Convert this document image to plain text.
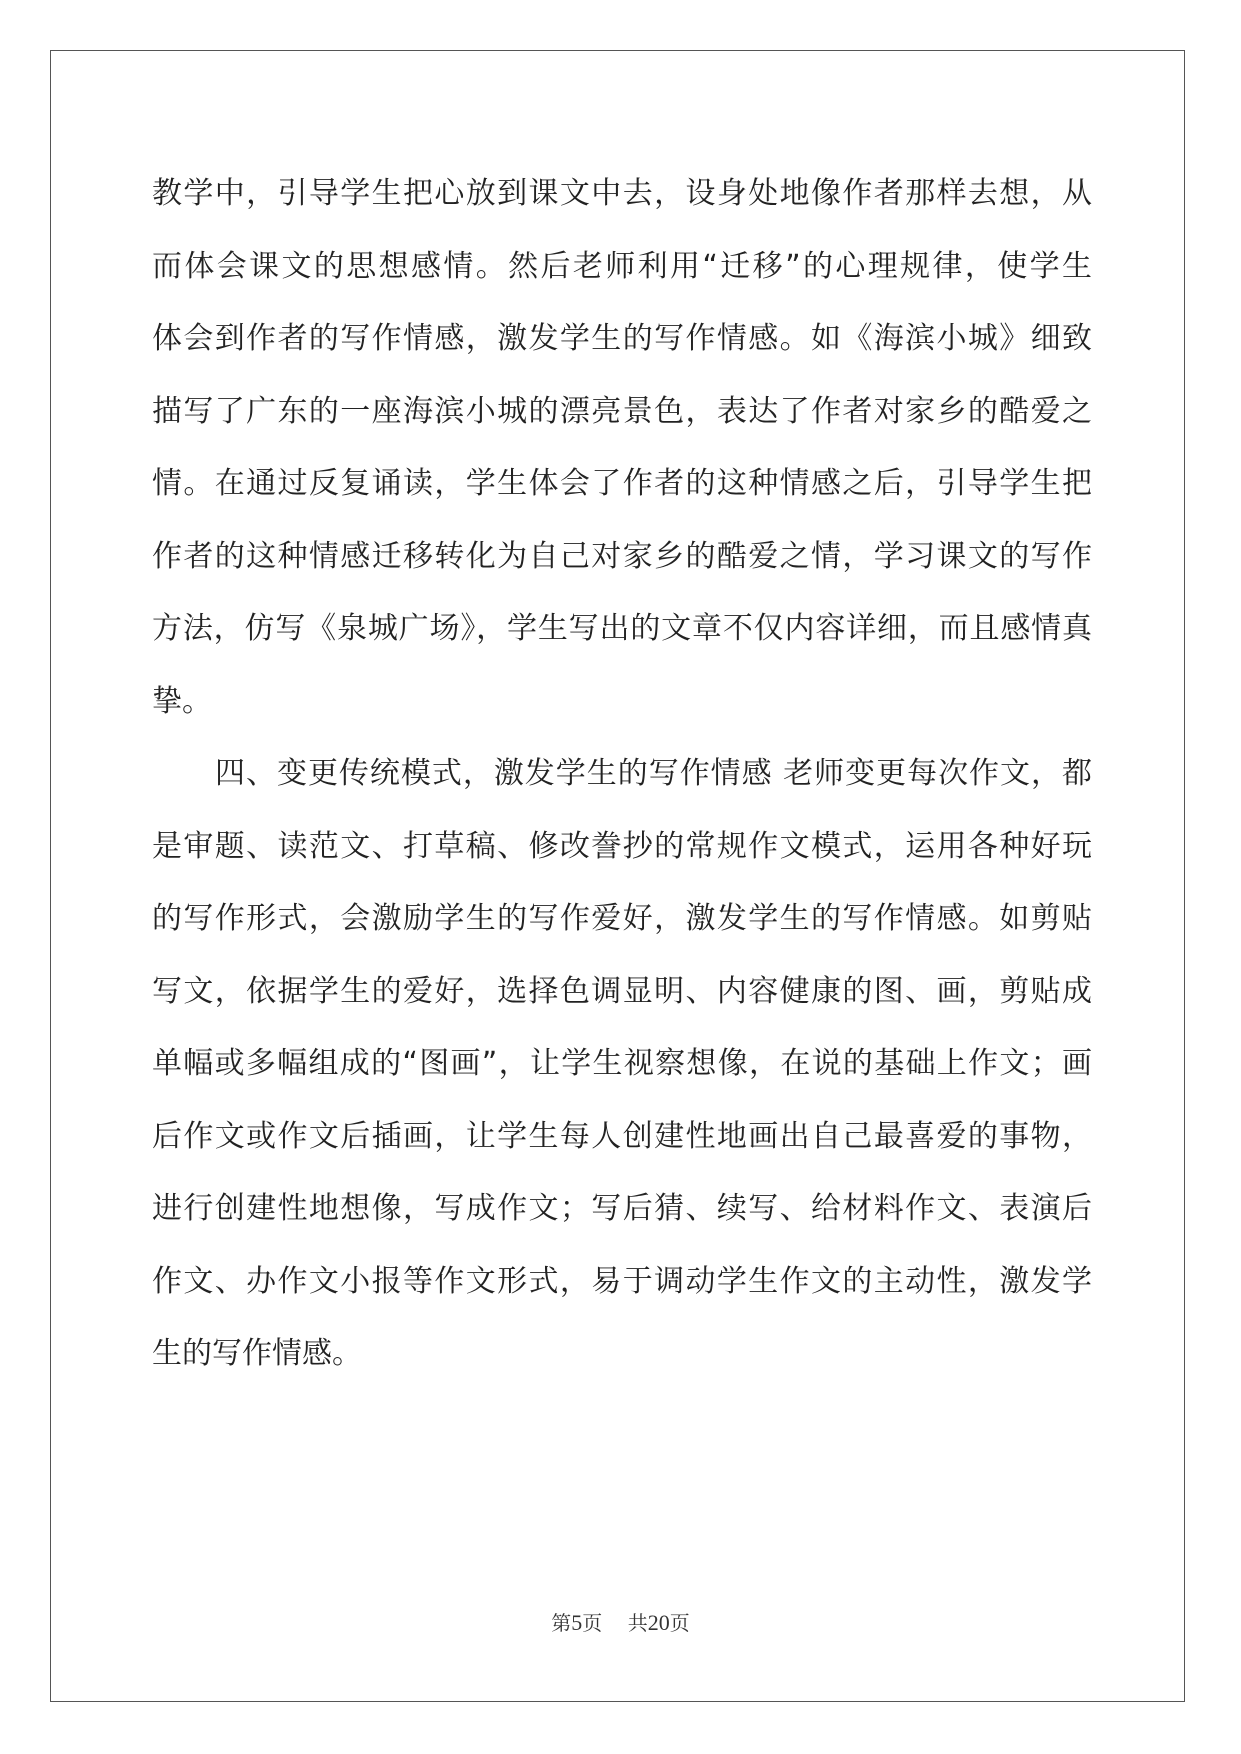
教学中，引导学生把心放到课文中去，设身处地像作者那样去想，从
而体会课文的思想感情。然后老师利用“迁移”的心理规律，使学生
体会到作者的写作情感，激发学生的写作情感。如《海滨小城》细致
描写了广东的一座海滨小城的漂亮景色，表达了作者对家乡的酷爱之
情。在通过反复诵读，学生体会了作者的这种情感之后，引导学生把
作者的这种情感迁移转化为自己对家乡的酷爱之情，学习课文的写作
方法，仿写《泉城广场》，学生写出的文章不仅内容详细，而且感情真
挚。
四、变更传统模式，激发学生的写作情感 老师变更每次作文，都
是审题、读范文、打草稿、修改誊抄的常规作文模式，运用各种好玩
的写作形式，会激励学生的写作爱好，激发学生的写作情感。如剪贴
写文，依据学生的爱好，选择色调显明、内容健康的图、画，剪贴成
单幅或多幅组成的“图画”，让学生视察想像，在说的基础上作文；画
后作文或作文后插画，让学生每人创建性地画出自己最喜爱的事物，
进行创建性地想像，写成作文；写后猜、续写、给材料作文、表演后
作文、办作文小报等作文形式，易于调动学生作文的主动性，激发学
生的写作情感。
第5页 共20页
